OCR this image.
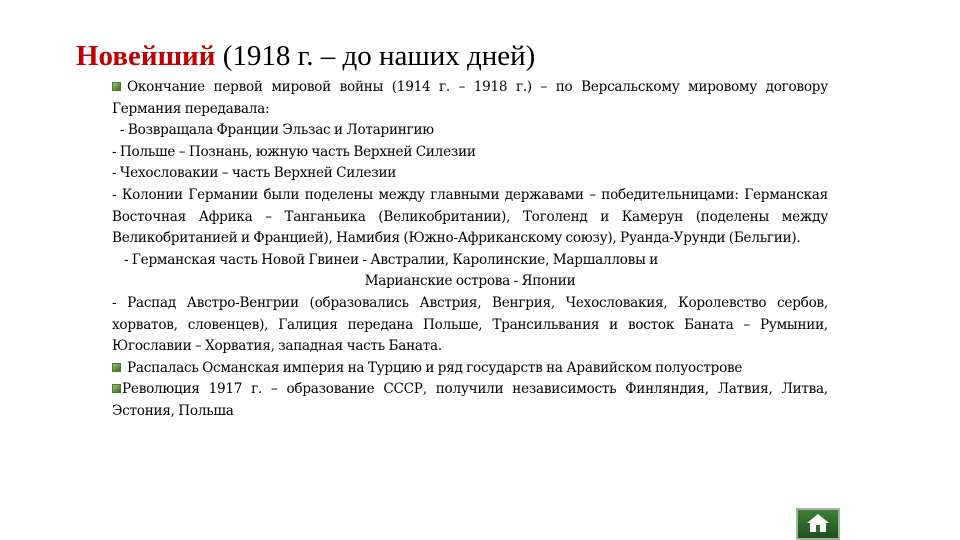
Новейший (1918 г. – до наших дней)

Окончание первой мировой войны (1914 г. – 1918 г.) – по Версальскому мировому договору Германия передавала:

- Возвращала Франции Эльзас и Лотарингию

- Польше – Познань, южную часть Верхней Силезии

- Чехословакии – часть Верхней Силезии

- Колонии Германии были поделены между главными державами – победительницами: Германская Восточная Африка – Танганьика (Великобритании), Тоголенд и Камерун (поделены между Великобританией и Францией), Намибия (Южно-Африканскому союзу), Руанда-Урунди (Бельгии).

- Германская часть Новой Гвинеи - Австралии, Каролинские, Маршалловы и
Марианские острова - Японии

- Распад Австро-Венгрии (образовались Австрия, Венгрия, Чехословакия, Королевство сербов, хорватов, словенцев), Галиция передана Польше, Трансильвания и восток Баната – Румынии, Югославии – Хорватия, западная часть Баната.

Распалась Османская империя на Турцию и ряд государств на Аравийском полуострове

Революция 1917 г. – образование СССР, получили независимость Финляндия, Латвия, Литва, Эстония, Польша
